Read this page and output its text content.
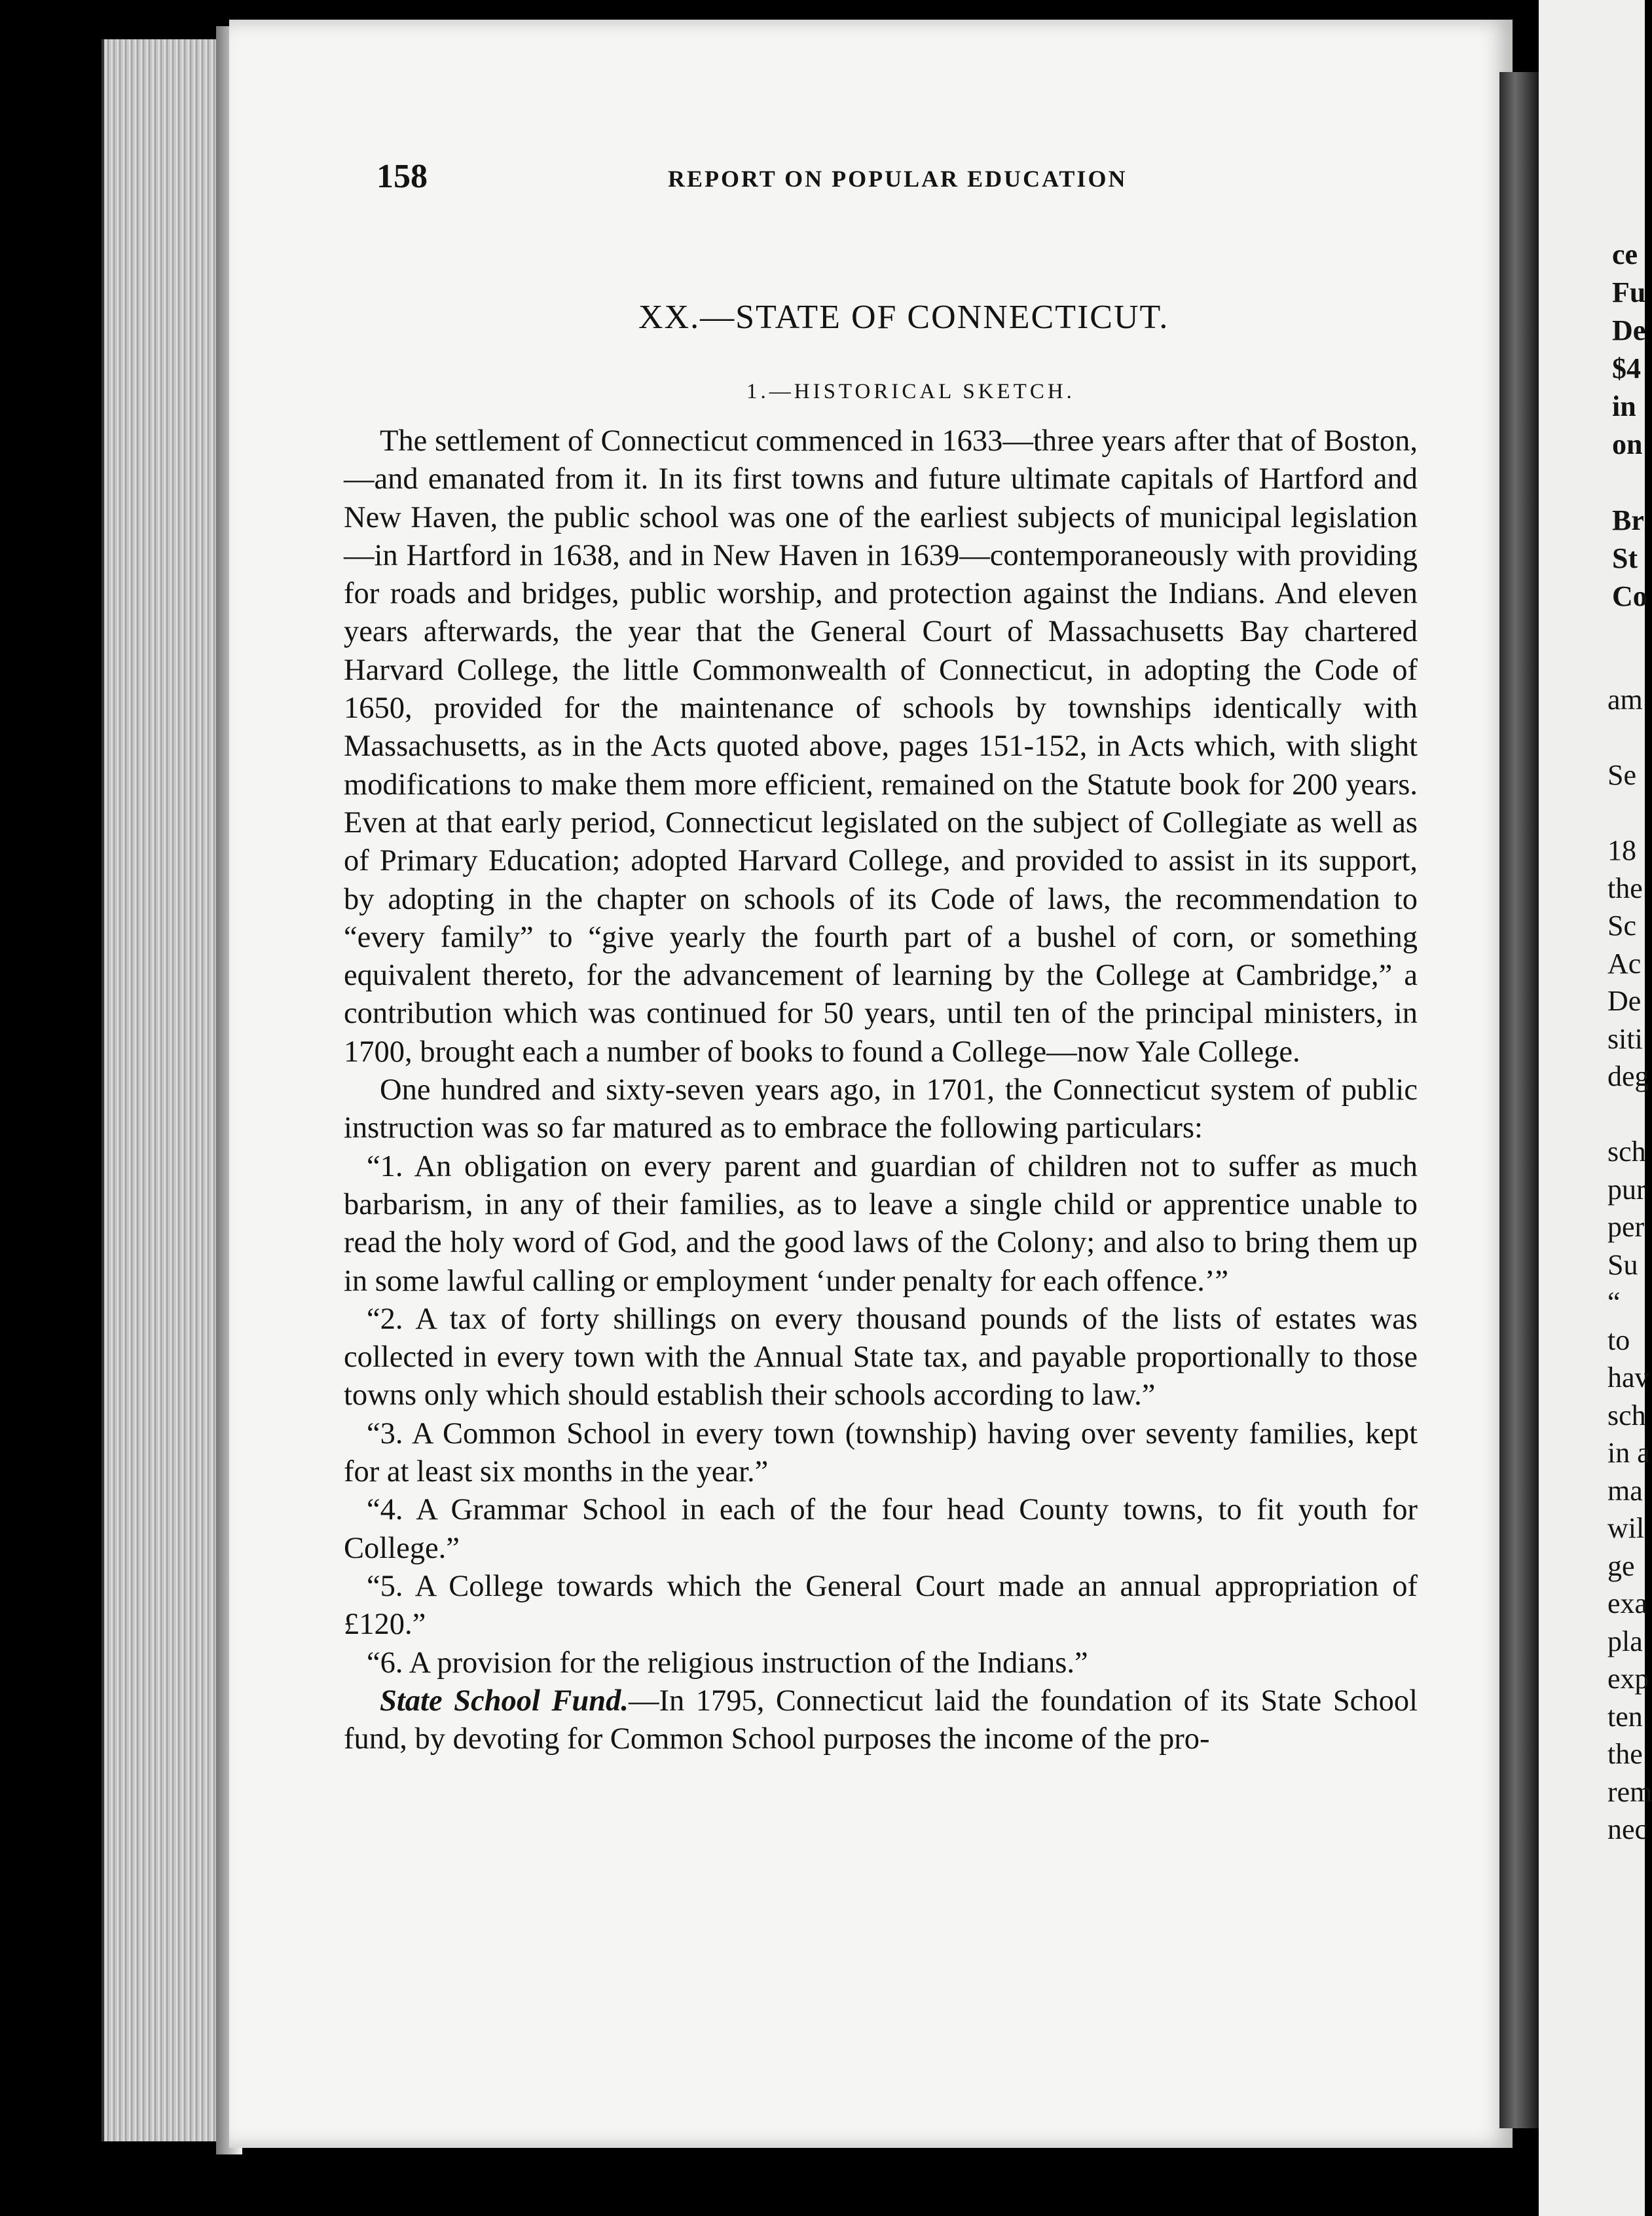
158	REPORT ON POPULAR EDUCATION
XX.—STATE OF CONNECTICUT.
1.—HISTORICAL SKETCH.

The settlement of Connecticut commenced in 1633—three years after that of Boston,—and emanated from it. In its first towns and future ultimate capitals of Hartford and New Haven, the public school was one of the earliest subjects of municipal legislation—in Hartford in 1638, and in New Haven in 1639—contemporaneously with providing for roads and bridges, public worship, and protection against the Indians. And eleven years afterwards, the year that the General Court of Massachusetts Bay chartered Harvard College, the little Commonwealth of Connecticut, in adopting the Code of 1650, provided for the maintenance of schools by townships identically with Massachusetts, as in the Acts quoted above, pages 151-152, in Acts which, with slight modifications to make them more efficient, remained on the Statute book for 200 years. Even at that early period, Connecticut legislated on the subject of Collegiate as well as of Primary Education; adopted Harvard College, and provided to assist in its support, by adopting in the chapter on schools of its Code of laws, the recommendation to “every family” to “give yearly the fourth part of a bushel of corn, or something equivalent thereto, for the advancement of learning by the College at Cambridge,” a contribution which was continued for 50 years, until ten of the principal ministers, in 1700, brought each a number of books to found a College—now Yale College.

One hundred and sixty-seven years ago, in 1701, the Connecticut system of public instruction was so far matured as to embrace the following particulars:

“1. An obligation on every parent and guardian of children not to suffer as much barbarism, in any of their families, as to leave a single child or apprentice unable to read the holy word of God, and the good laws of the Colony; and also to bring them up in some lawful calling or employment ‘under penalty for each offence.’”

“2. A tax of forty shillings on every thousand pounds of the lists of estates was collected in every town with the Annual State tax, and payable proportionally to those towns only which should establish their schools according to law.”

“3. A Common School in every town (township) having over seventy families, kept for at least six months in the year.”

“4. A Grammar School in each of the four head County towns, to fit youth for College.”

“5. A College towards which the General Court made an annual appropriation of £120.”

“6. A provision for the religious instruction of the Indians.”

State School Fund.—In 1795, Connecticut laid the foundation of its State School fund, by devoting for Common School purposes the income of the pro-

ce
Fu
De
$4
in
on

Br
St
Co
am

Se

18
the
Sc
Ac
De
siti
deg

sch
pur
per
Su
“
to
hav
sch
in a
ma
wil
ge
exa
pla
exp
ten
the
rem
nec
